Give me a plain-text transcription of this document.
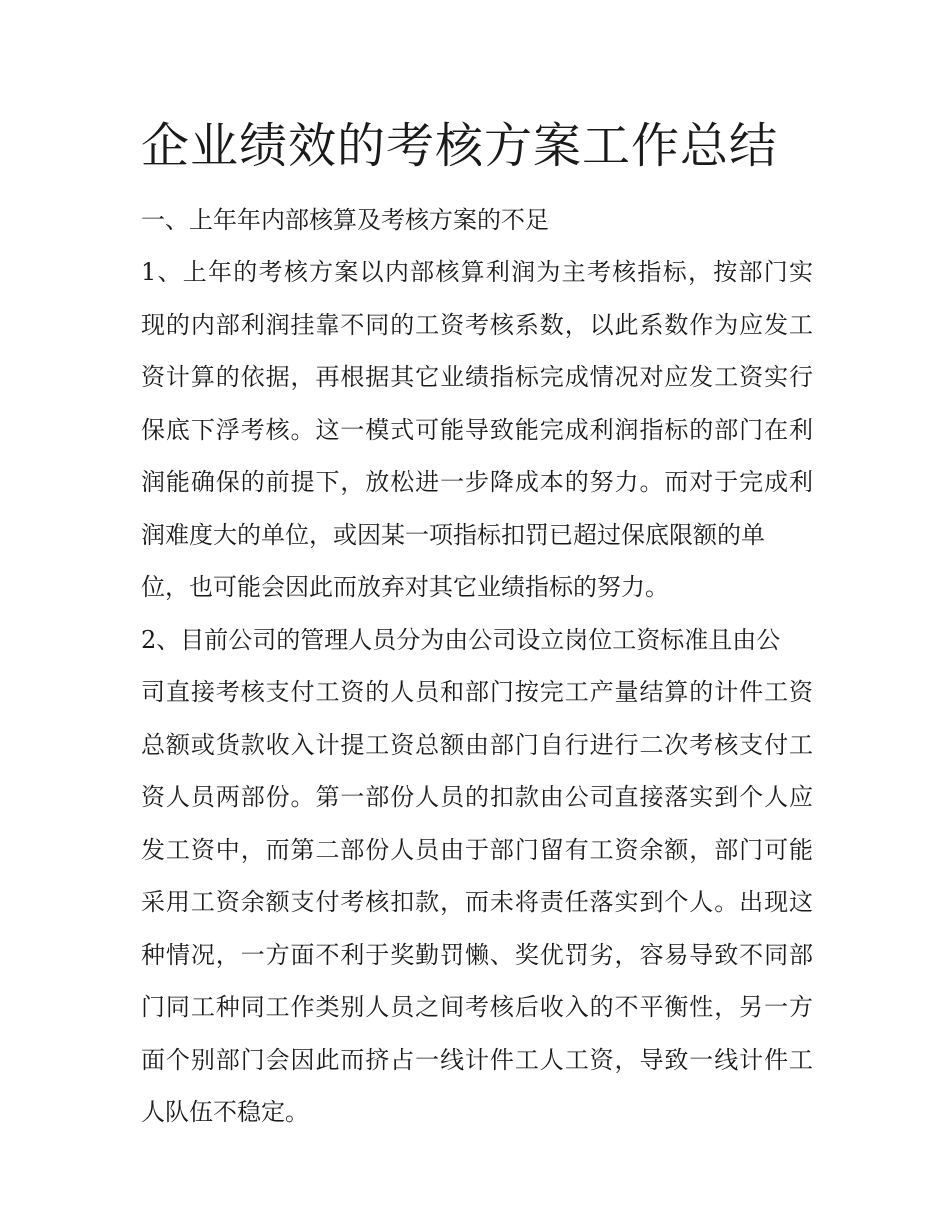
企业绩效的考核方案工作总结
一、上年年内部核算及考核方案的不足
1、上年的考核方案以内部核算利润为主考核指标，按部门实
现的内部利润挂靠不同的工资考核系数，以此系数作为应发工
资计算的依据，再根据其它业绩指标完成情况对应发工资实行
保底下浮考核。这一模式可能导致能完成利润指标的部门在利
润能确保的前提下，放松进一步降成本的努力。而对于完成利
润难度大的单位，或因某一项指标扣罚已超过保底限额的单
位，也可能会因此而放弃对其它业绩指标的努力。
2、目前公司的管理人员分为由公司设立岗位工资标准且由公
司直接考核支付工资的人员和部门按完工产量结算的计件工资
总额或货款收入计提工资总额由部门自行进行二次考核支付工
资人员两部份。第一部份人员的扣款由公司直接落实到个人应
发工资中，而第二部份人员由于部门留有工资余额，部门可能
采用工资余额支付考核扣款，而未将责任落实到个人。出现这
种情况，一方面不利于奖勤罚懒、奖优罚劣，容易导致不同部
门同工种同工作类别人员之间考核后收入的不平衡性，另一方
面个别部门会因此而挤占一线计件工人工资，导致一线计件工
人队伍不稳定。
